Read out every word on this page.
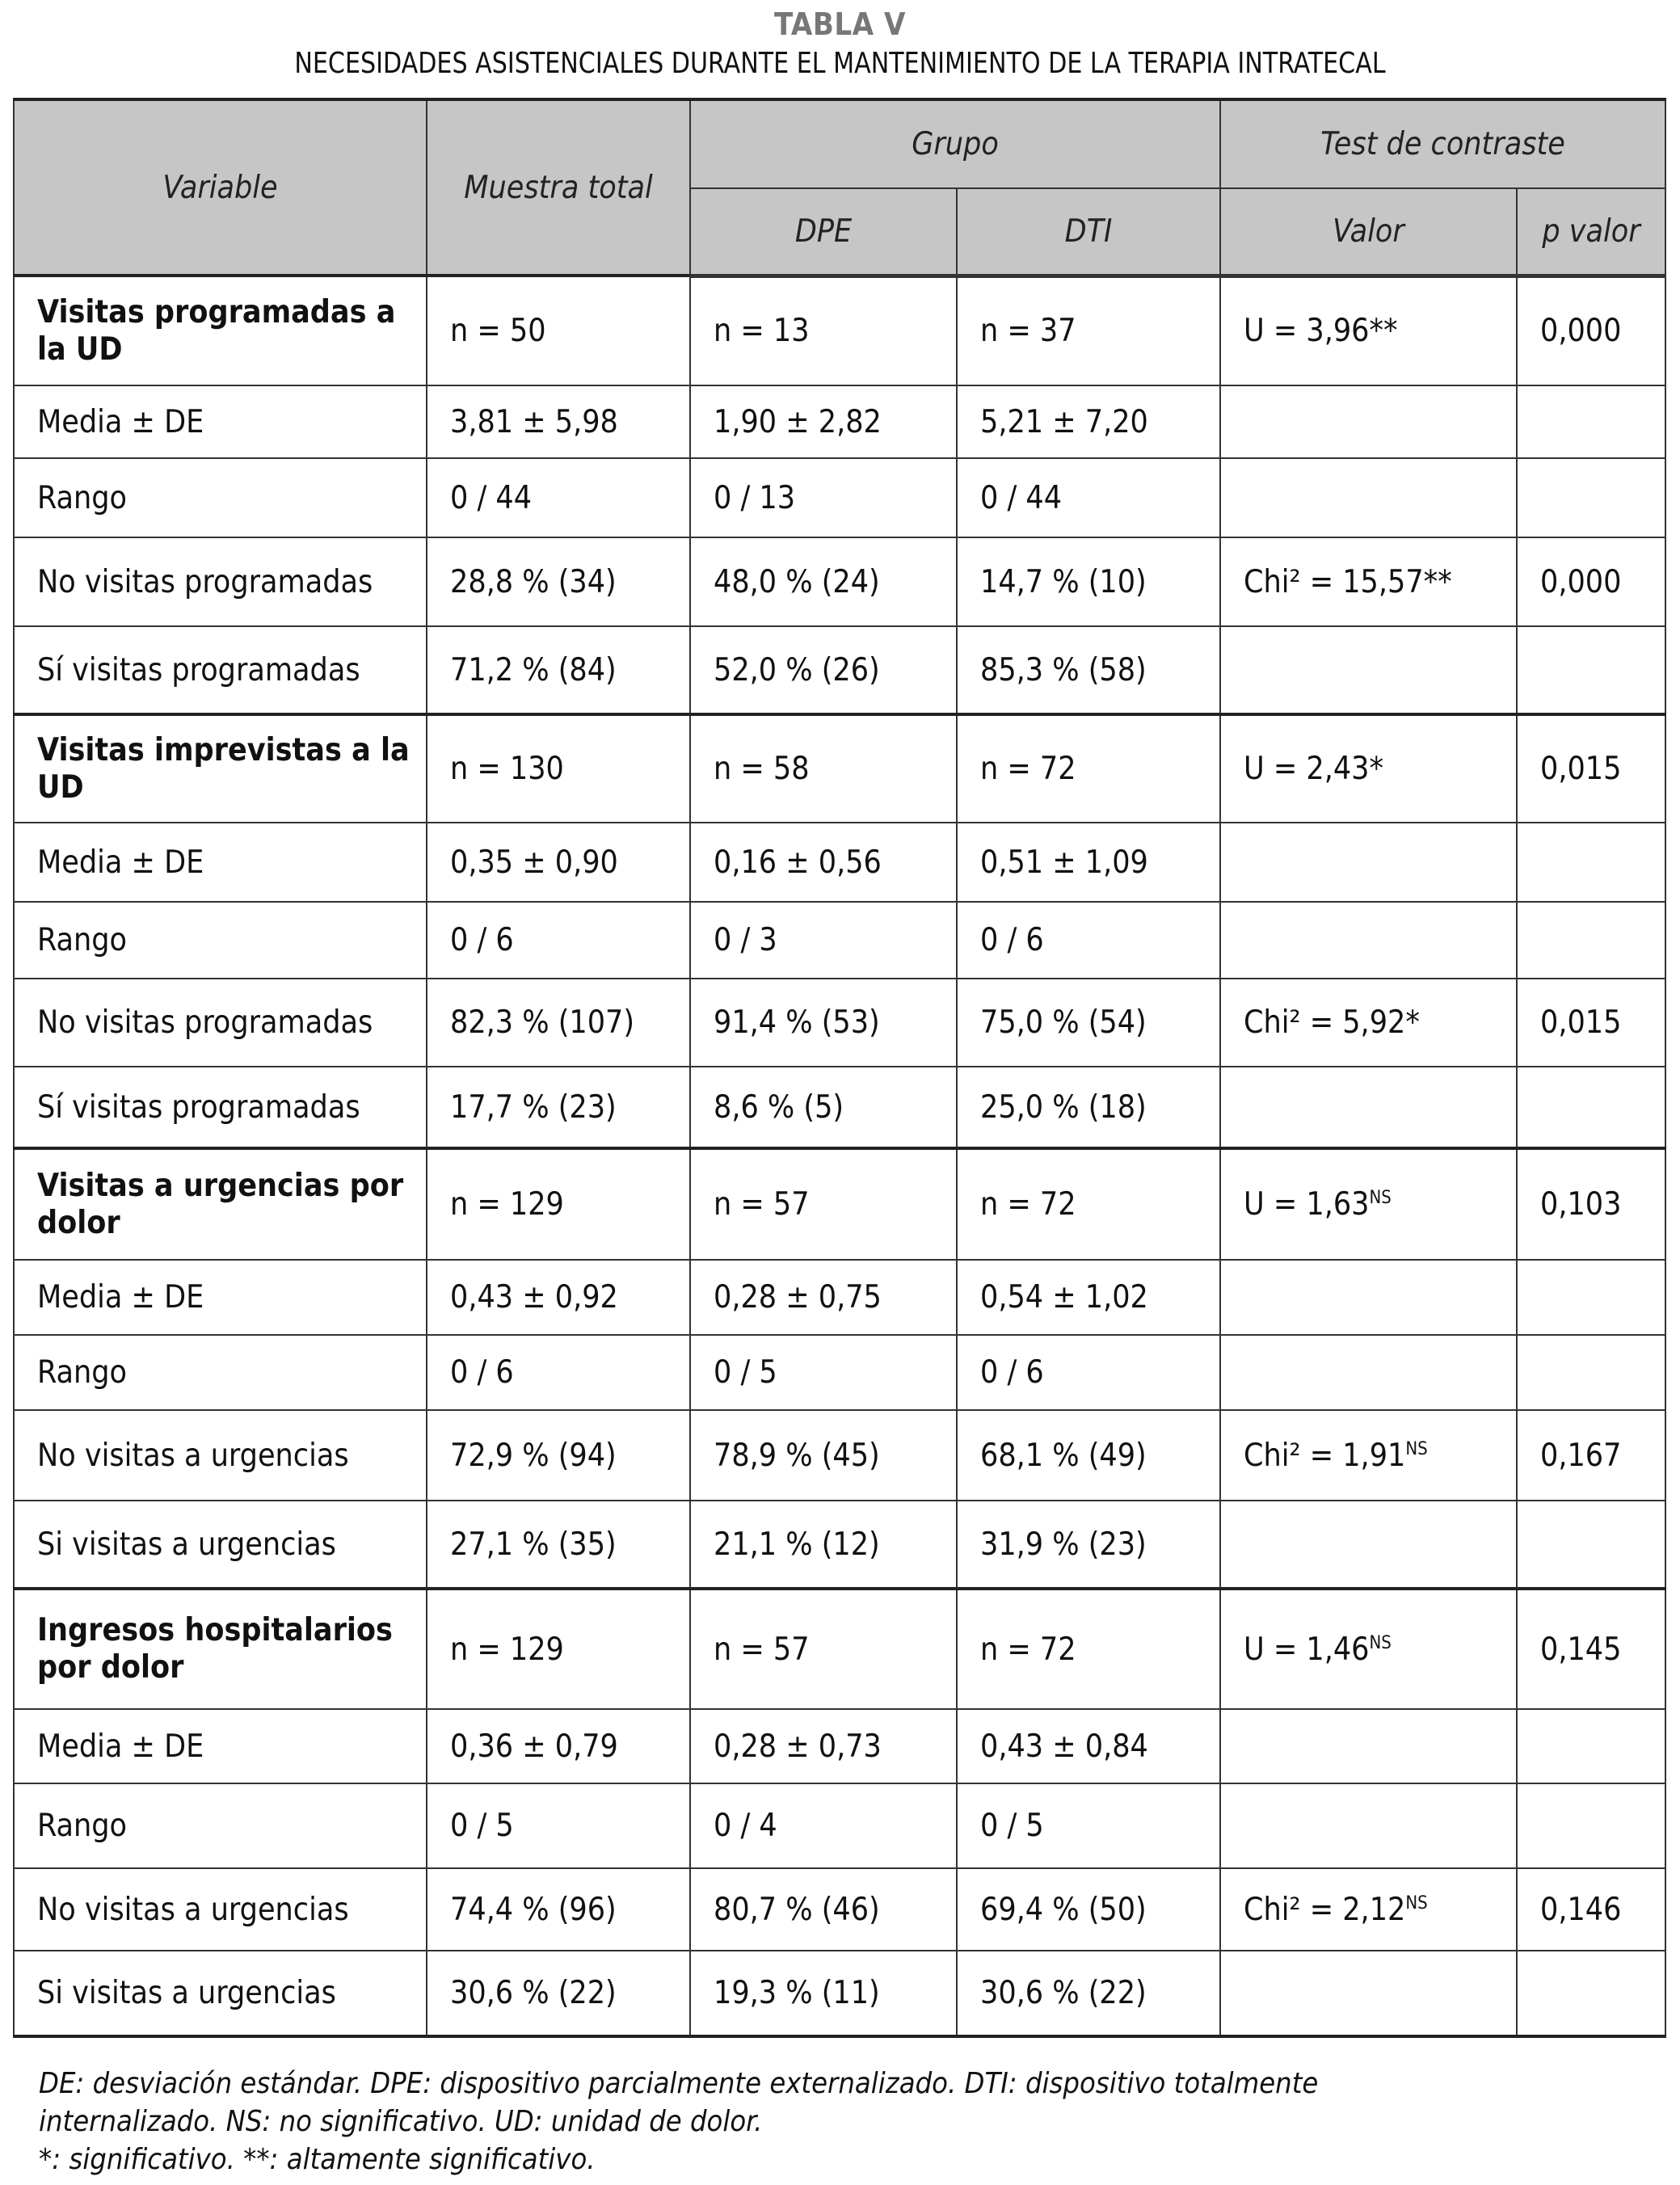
TABLA V
NECESIDADES ASISTENCIALES DURANTE EL MANTENIMIENTO DE LA TERAPIA INTRATECAL
Variable	Muestra total	Grupo		Test de contraste	
		DPE	DTI	Valor	p valor
Visitas programadas a la UD	n = 50	n = 13	n = 37	U = 3,96**	0,000
Media ± DE	3,81 ± 5,98	1,90 ± 2,82	5,21 ± 7,20		
Rango	0 / 44	0 / 13	0 / 44		
No visitas programadas	28,8 % (34)	48,0 % (24)	14,7 % (10)	Chi² = 15,57**	0,000
Sí visitas programadas	71,2 % (84)	52,0 % (26)	85,3 % (58)		
Visitas imprevistas a la UD	n = 130	n = 58	n = 72	U = 2,43*	0,015
Media ± DE	0,35 ± 0,90	0,16 ± 0,56	0,51 ± 1,09		
Rango	0 / 6	0 / 3	0 / 6		
No visitas programadas	82,3 % (107)	91,4 % (53)	75,0 % (54)	Chi² = 5,92*	0,015
Sí visitas programadas	17,7 % (23)	8,6 % (5)	25,0 % (18)		
Visitas a urgencias por dolor	n = 129	n = 57	n = 72	$U = 1,63^{NS}$	0,103
Media ± DE	0,43 ± 0,92	0,28 ± 0,75	0,54 ± 1,02		
Rango	0 / 6	0 / 5	0 / 6		
No visitas a urgencias	72,9 % (94)	78,9 % (45)	68,1 % (49)	$Chi^2 = 1,91^{NS}$	0,167
Si visitas a urgencias	27,1 % (35)	21,1 % (12)	31,9 % (23)		
Ingresos hospitalarios por dolor	n = 129	n = 57	n = 72	$U = 1,46^{NS}$	0,145
Media ± DE	0,36 ± 0,79	0,28 ± 0,73	0,43 ± 0,84		
Rango	0 / 5	0 / 4	0 / 5		
No visitas a urgencias	74,4 % (96)	80,7 % (46)	69,4 % (50)	$Chi^2 = 2,12^{NS}$	0,146
Si visitas a urgencias	30,6 % (22)	19,3 % (11)	30,6 % (22)		
DE: desviación estándar. DPE: dispositivo parcialmente externalizado. DTI: dispositivo totalmente
internalizado. NS: no significativo. UD: unidad de dolor.
*: significativo. **: altamente significativo.
